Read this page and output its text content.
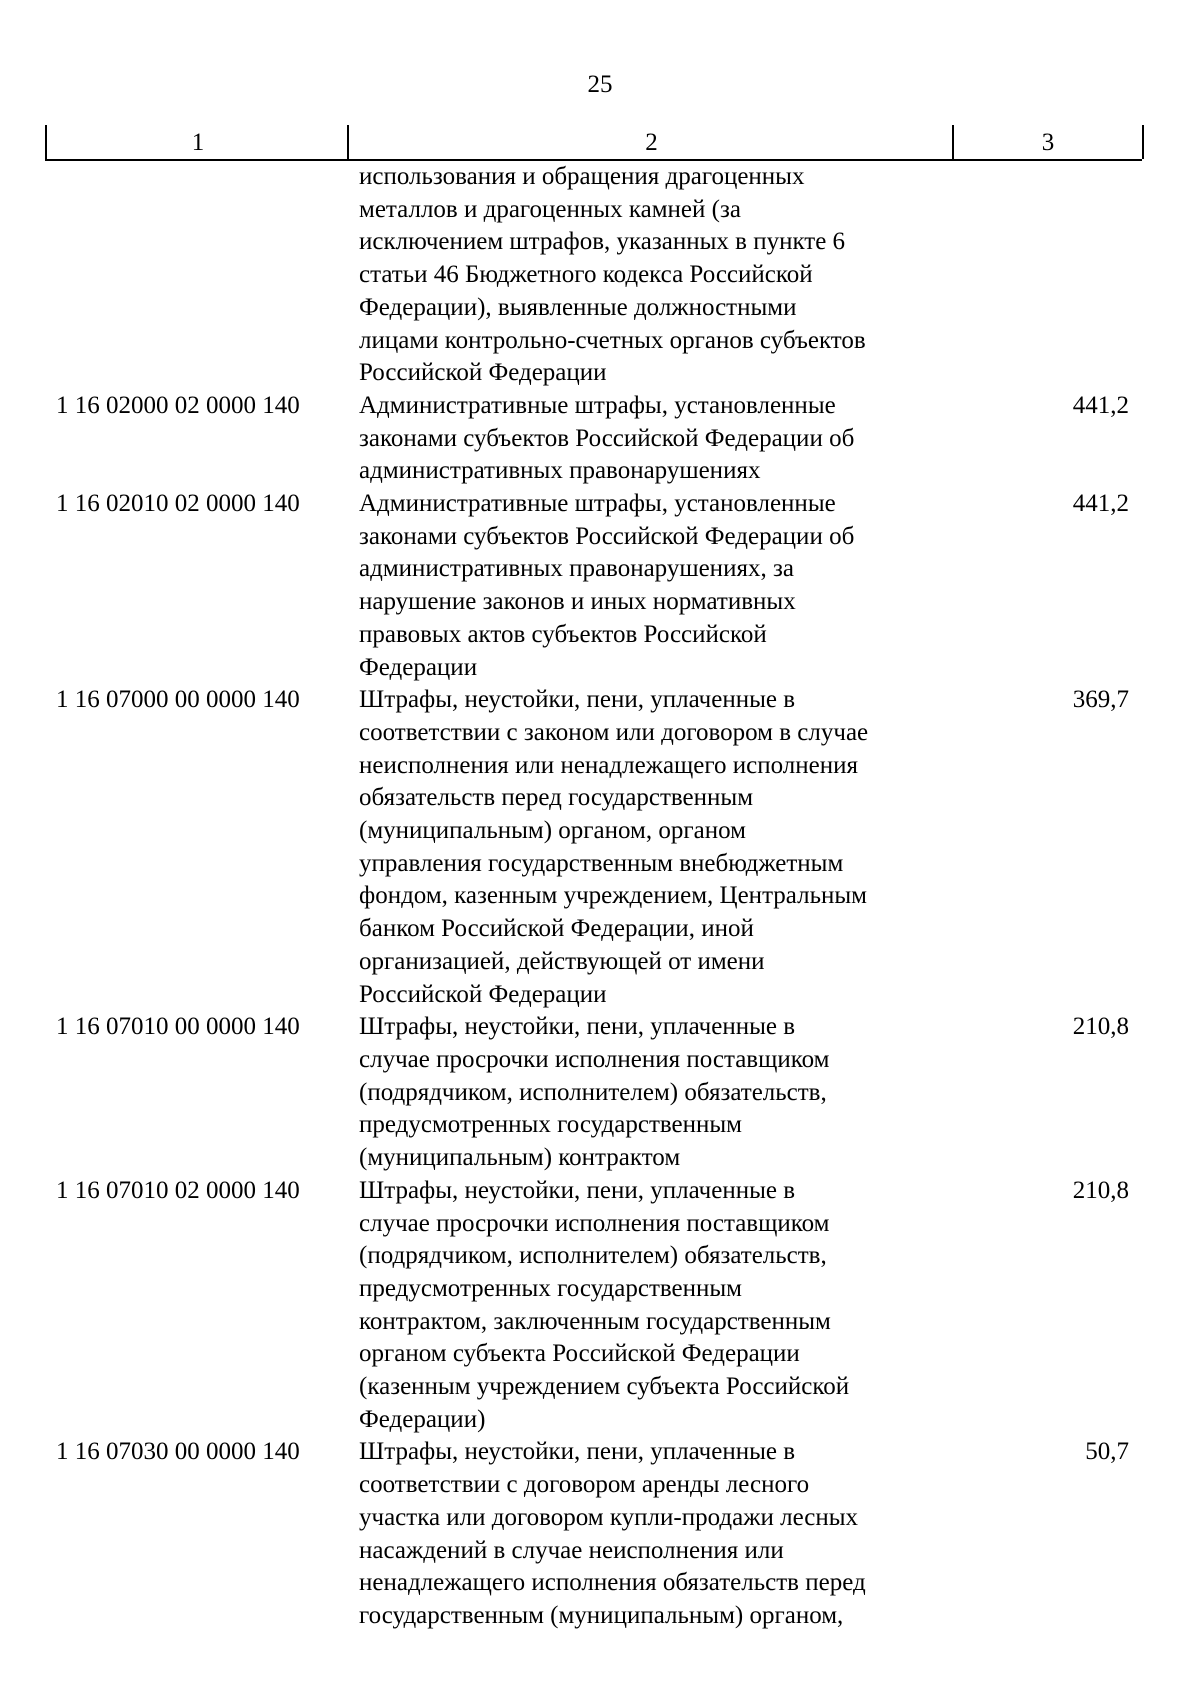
25
1	2	3
использования и обращения драгоценных
металлов и драгоценных камней (за
исключением штрафов, указанных в пункте 6
статьи 46 Бюджетного кодекса Российской
Федерации), выявленные должностными
лицами контрольно-счетных органов субъектов
Российской Федерации
1 16 02000 02 0000 140	Административные штрафы, установленные
законами субъектов Российской Федерации об
административных правонарушениях
441,2
1 16 02010 02 0000 140	Административные штрафы, установленные
законами субъектов Российской Федерации об
административных правонарушениях, за
нарушение законов и иных нормативных
правовых актов субъектов Российской
Федерации
441,2
1 16 07000 00 0000 140	Штрафы, неустойки, пени, уплаченные в
соответствии с законом или договором в случае
неисполнения или ненадлежащего исполнения
обязательств перед государственным
(муниципальным) органом, органом
управления государственным внебюджетным
фондом, казенным учреждением, Центральным
банком Российской Федерации, иной
организацией, действующей от имени
Российской Федерации
369,7
1 16 07010 00 0000 140	Штрафы, неустойки, пени, уплаченные в
случае просрочки исполнения поставщиком
(подрядчиком, исполнителем) обязательств,
предусмотренных государственным
(муниципальным) контрактом
210,8
1 16 07010 02 0000 140	Штрафы, неустойки, пени, уплаченные в
случае просрочки исполнения поставщиком
(подрядчиком, исполнителем) обязательств,
предусмотренных государственным
контрактом, заключенным государственным
органом субъекта Российской Федерации
(казенным учреждением субъекта Российской
Федерации)
210,8
1 16 07030 00 0000 140	Штрафы, неустойки, пени, уплаченные в
соответствии с договором аренды лесного
участка или договором купли-продажи лесных
насаждений в случае неисполнения или
ненадлежащего исполнения обязательств перед
государственным (муниципальным) органом,
50,7
